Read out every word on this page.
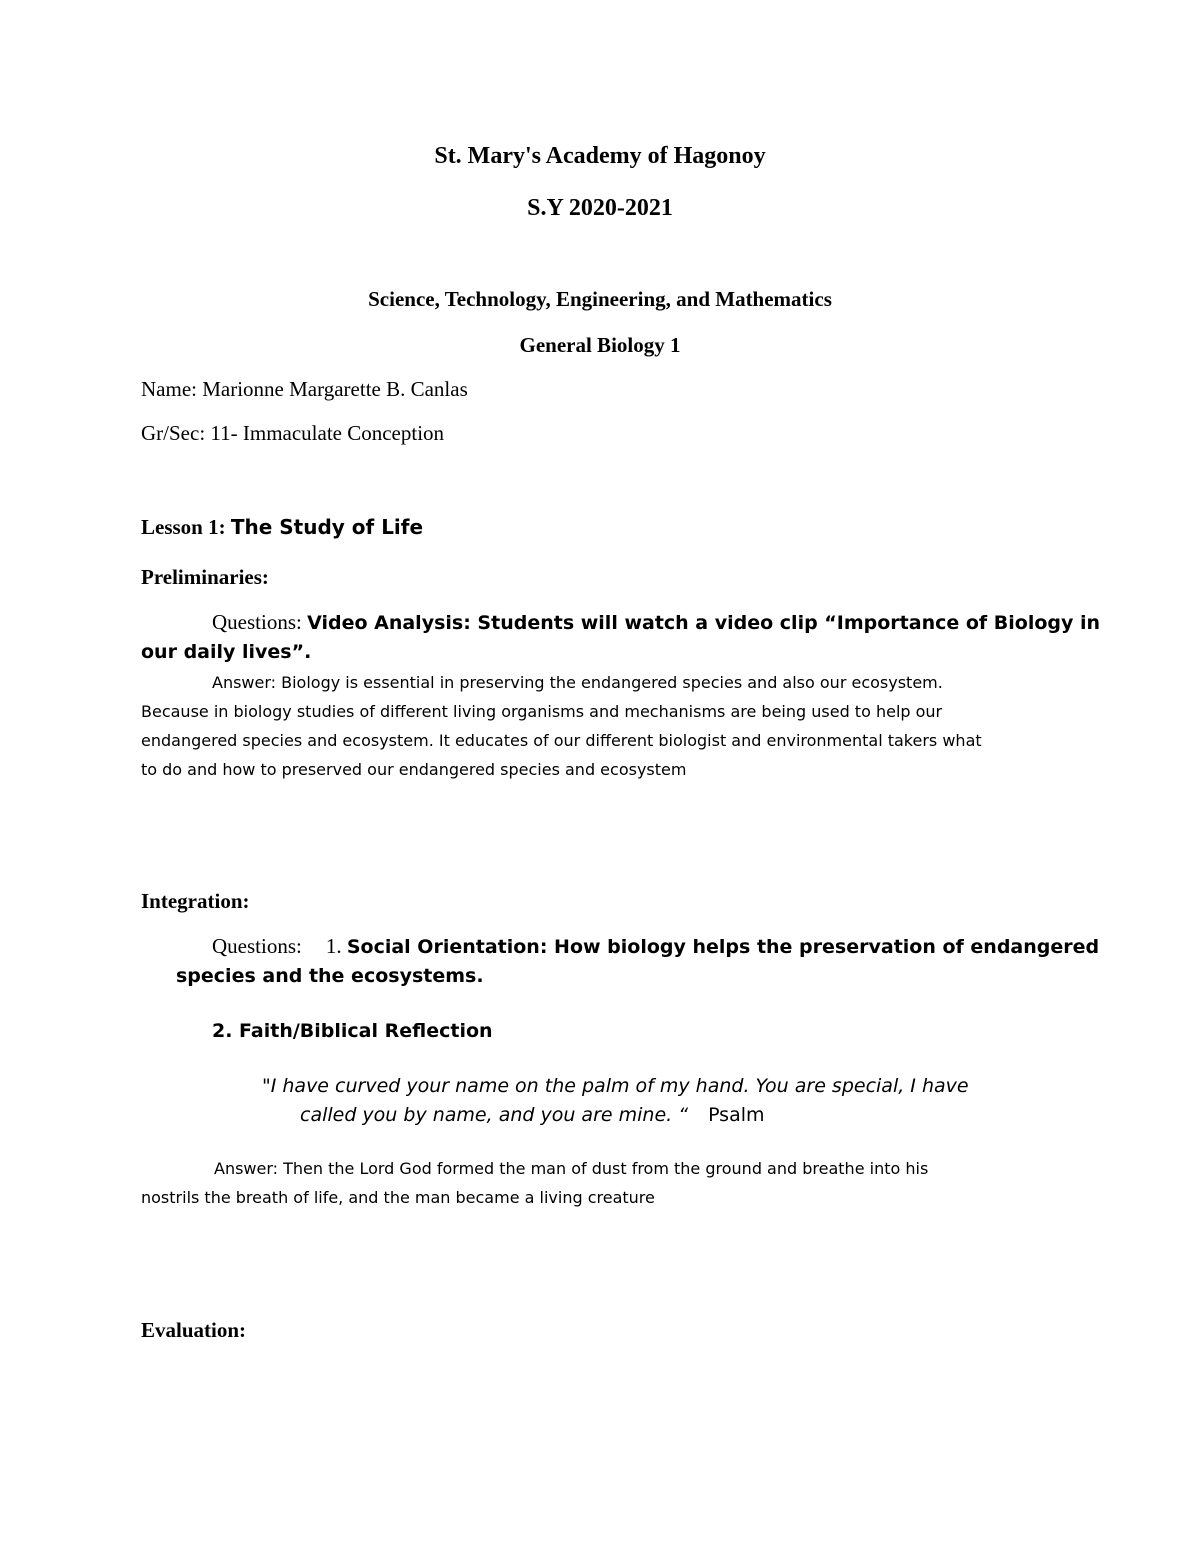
St. Mary's Academy of Hagonoy
S.Y 2020-2021
Science, Technology, Engineering, and Mathematics
General Biology 1

Name: Marionne Margarette B. Canlas

Gr/Sec: 11- Immaculate Conception

Lesson 1: The Study of Life

Preliminaries:

Questions: Video Analysis: Students will watch a video clip “Importance of Biology in

our daily lives”.

Answer: Biology is essential in preserving the endangered species and also our ecosystem.

Because in biology studies of different living organisms and mechanisms are being used to help our

endangered species and ecosystem. It educates of our different biologist and environmental takers what

to do and how to preserved our endangered species and ecosystem

Integration:

Questions: 1. Social Orientation: How biology helps the preservation of endangered

species and the ecosystems.

2. Faith/Biblical Reflection

"I have curved your name on the palm of my hand. You are special, I have

called you by name, and you are mine. “ Psalm

Answer: Then the Lord God formed the man of dust from the ground and breathe into his

nostrils the breath of life, and the man became a living creature

Evaluation:
